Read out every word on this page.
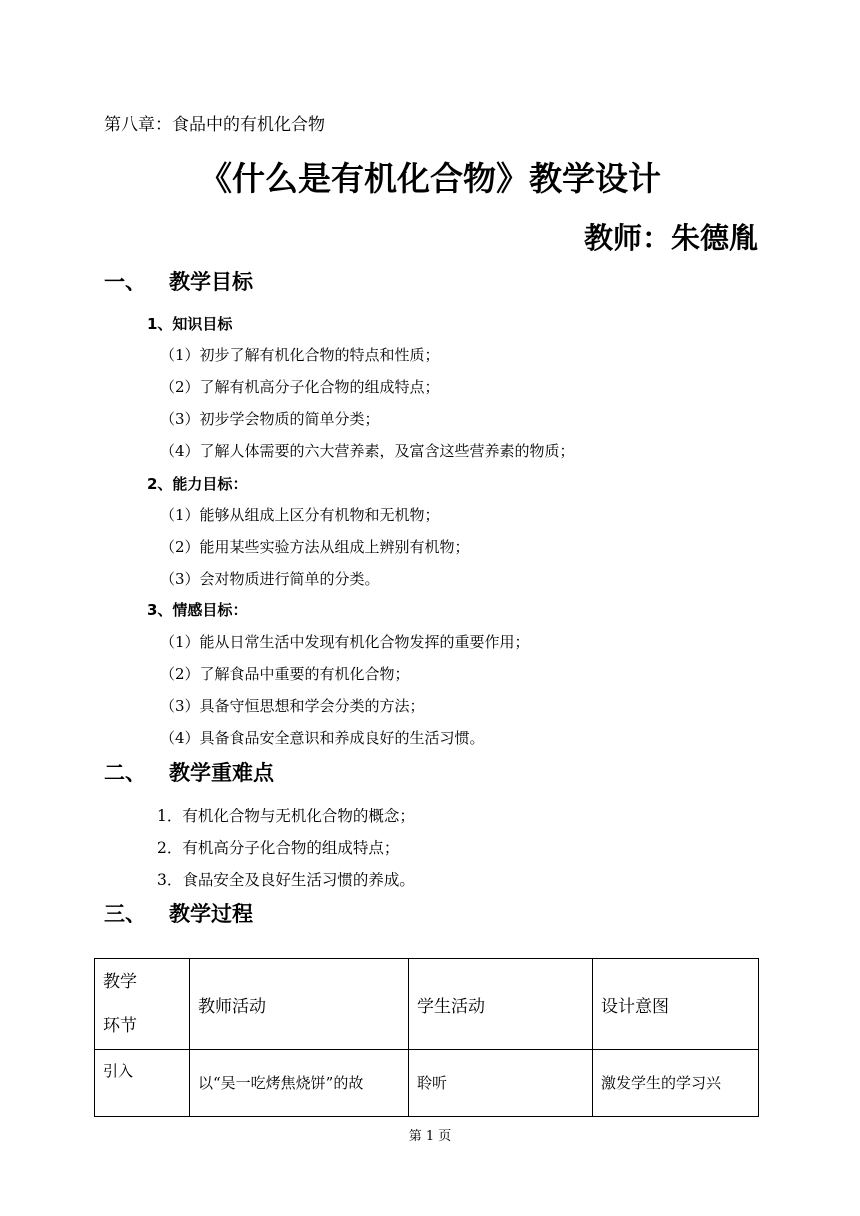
第八章：食品中的有机化合物
《什么是有机化合物》教学设计
教师：朱德胤
一、 教学目标
1、知识目标
（1）初步了解有机化合物的特点和性质；
（2）了解有机高分子化合物的组成特点；
（3）初步学会物质的简单分类；
（4）了解人体需要的六大营养素，及富含这些营养素的物质；
2、能力目标：
（1）能够从组成上区分有机物和无机物；
（2）能用某些实验方法从组成上辨别有机物；
（3）会对物质进行简单的分类。
3、情感目标：
（1）能从日常生活中发现有机化合物发挥的重要作用；
（2）了解食品中重要的有机化合物；
（3）具备守恒思想和学会分类的方法；
（4）具备食品安全意识和养成良好的生活习惯。
二、 教学重难点
1．有机化合物与无机化合物的概念；
2．有机高分子化合物的组成特点；
3．食品安全及良好生活习惯的养成。
三、 教学过程
教学
环节	教师活动	学生活动	设计意图
引入	以“吴一吃烤焦烧饼”的故	聆听	激发学生的学习兴
第 1 页
